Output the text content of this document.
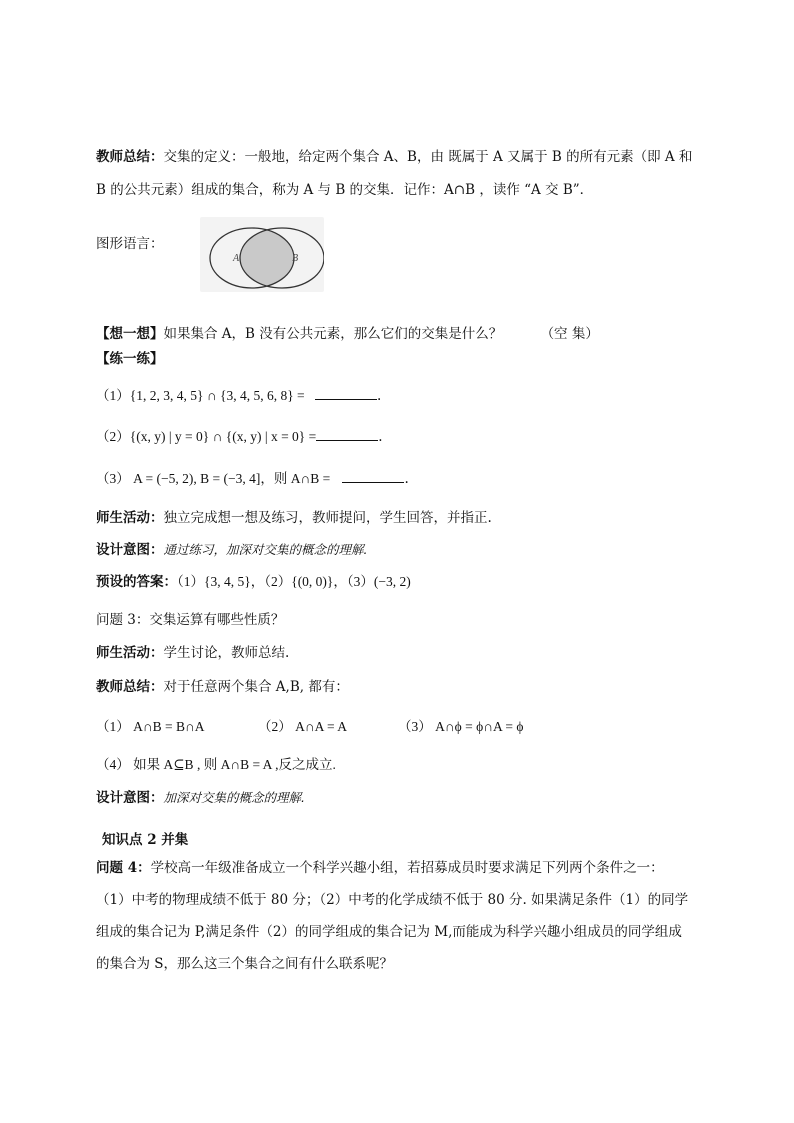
教师总结：交集的定义：一般地，给定两个集合 A、B，由 既属于 A 又属于 B 的所有元素（即 A 和
B 的公共元素）组成的集合，称为 A 与 B 的交集．记作：A∩B ，读作 “A 交 B”．
图形语言：
A	B
【想一想】如果集合 A，B 没有公共元素，那么它们的交集是什么？	（空 集）
【练一练】
（1）{1, 2, 3, 4, 5} ∩ {3, 4, 5, 6, 8} =	.
（2）{(x, y) | y = 0} ∩ {(x, y) | x = 0} =	.
（3） A = (−5, 2), B = (−3, 4]，则 A∩B =	.
师生活动：独立完成想一想及练习，教师提问，学生回答，并指正.
设计意图：通过练习，加深对交集的概念的理解.
预设的答案：（1）{3, 4, 5}，（2）{(0, 0)}，（3）(−3, 2)
问题 3：交集运算有哪些性质？
师生活动：学生讨论，教师总结.
教师总结：对于任意两个集合 A,B, 都有：
（1） A∩B = B∩A	（2） A∩A = A	（3） A∩ϕ = ϕ∩A = ϕ
（4） 如果 A⊆B , 则 A∩B = A ,反之成立.
设计意图：加深对交集的概念的理解.
知识点 2 并集
问题 4：学校高一年级准备成立一个科学兴趣小组，若招募成员时要求满足下列两个条件之一：
（1）中考的物理成绩不低于 80 分；（2）中考的化学成绩不低于 80 分. 如果满足条件（1）的同学
组成的集合记为 P,满足条件（2）的同学组成的集合记为 M,而能成为科学兴趣小组成员的同学组成
的集合为 S，那么这三个集合之间有什么联系呢？
